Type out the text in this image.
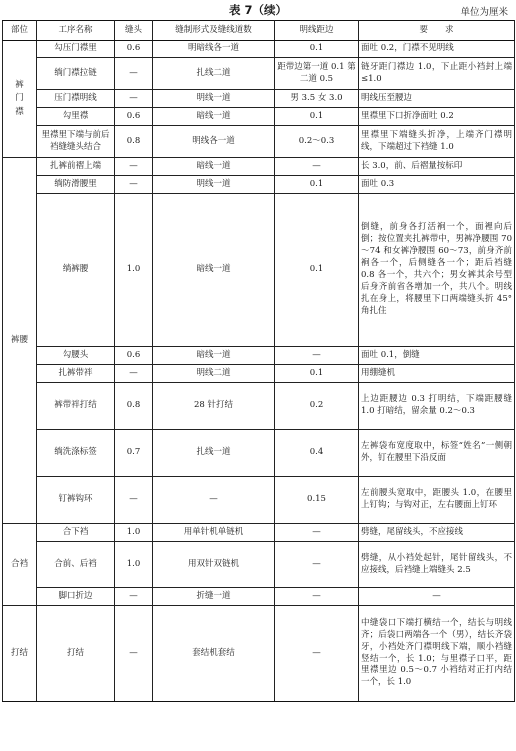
表 7（续）	单位为厘米
部位	工序名称	缝头	缝制形式及缝线道数	明线距边	要　　求
裤门襟	勾压门襟里	0.6	明暗线各一道	0.1	面吐 0.2，门襟不见明线
	绱门襟拉链	—	扎线二道	距带边第一道 0.1 第二道 0.5	链牙距门襟边 1.0，下止距小裆封上端≤1.0
	压门襟明线	—	明线一道	男 3.5 女 3.0	明线压至腰边
	勾里襟	0.6	暗线一道	0.1	里襟里下口折净面吐 0.2
	里襟里下端与前后裆缝缝头结合	0.8	明线各一道	0.2～0.3	里襟里下端缝头折净，上端齐门襟明线，下端超过下裆缝 1.0
裤腰	扎裤前褶上端	—	暗线一道	—	长 3.0，前、后褶量按标印
	绱防滑腰里	—	明线一道	0.1	面吐 0.3
	绱裤腰	1.0	暗线一道	0.1	倒缝，前身各打活裥一个，面裡向后倒；按位置夹扎裤带中，男裤净腰围 70～74 和女裤净腰围 60～73，前身齐前裥各一个，后侧缝各一个；距后裆缝 0.8 各一个，共六个；男女裤其余号型后身齐前省各增加一个，共八个。明线扎在身上，将腰里下口两端缝头折 45°角扎住
	勾腰头	0.6	暗线一道	—	面吐 0.1，倒缝
	扎裤带袢	—	明线二道	0.1	用绷缝机
	裤带袢打结	0.8	28 针打结	0.2	上边距腰边 0.3 打明结，下端距腰缝 1.0 打暗结，留余量 0.2～0.3
	绱洗涤标签	0.7	扎线一道	0.4	左裤袋布宽度取中，标签“姓名”一侧朝外，钉在腰里下沿反面
	钉裤钩环	—	—	0.15	左前腰头宽取中，距腰头 1.0，在腰里上钉钩；与钩对正，左右腰面上钉环
合裆	合下裆	1.0	用单针机单链机	—	劈缝，尾留线头，不应接线
	合前、后裆	1.0	用双针双链机	—	劈缝，从小裆处起针，尾针留线头，不应接线，后裆缝上端缝头 2.5
	脚口折边	—	折缝一道	—	—
打结	打结	—	套结机套结	—	中缝袋口下端打横结一个，结长与明线齐；后袋口两端各一个（男），结长齐袋牙，小裆处齐门襟明线下端，顺小裆缝竖结一个，长 1.0；与里襟子口平，距里襟里边 0.5～0.7 小裆结对正打内结一个，长 1.0
